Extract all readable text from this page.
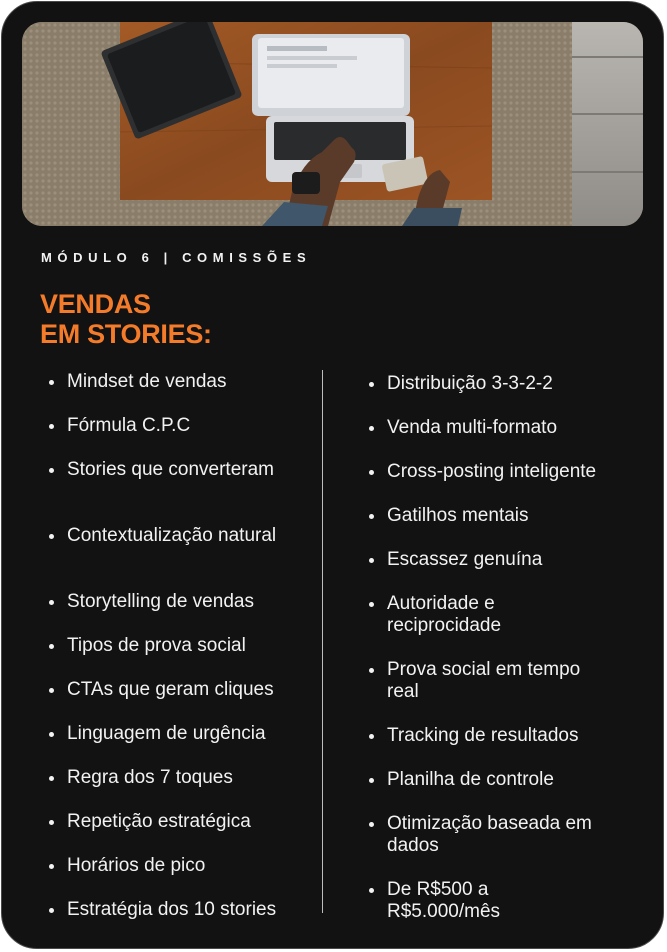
MÓDULO 6 | COMISSÕES
VENDAS
EM STORIES:
Mindset de vendas
Fórmula C.P.C
Stories que converteram
Contextualização natural
Storytelling de vendas
Tipos de prova social
CTAs que geram cliques
Linguagem de urgência
Regra dos 7 toques
Repetição estratégica
Horários de pico
Estratégia dos 10 stories
Distribuição 3-3-2-2
Venda multi-formato
Cross-posting inteligente
Gatilhos mentais
Escassez genuína
Autoridade e reciprocidade
Prova social em tempo real
Tracking de resultados
Planilha de controle
Otimização baseada em dados
De R$500 a R$5.000/mês
